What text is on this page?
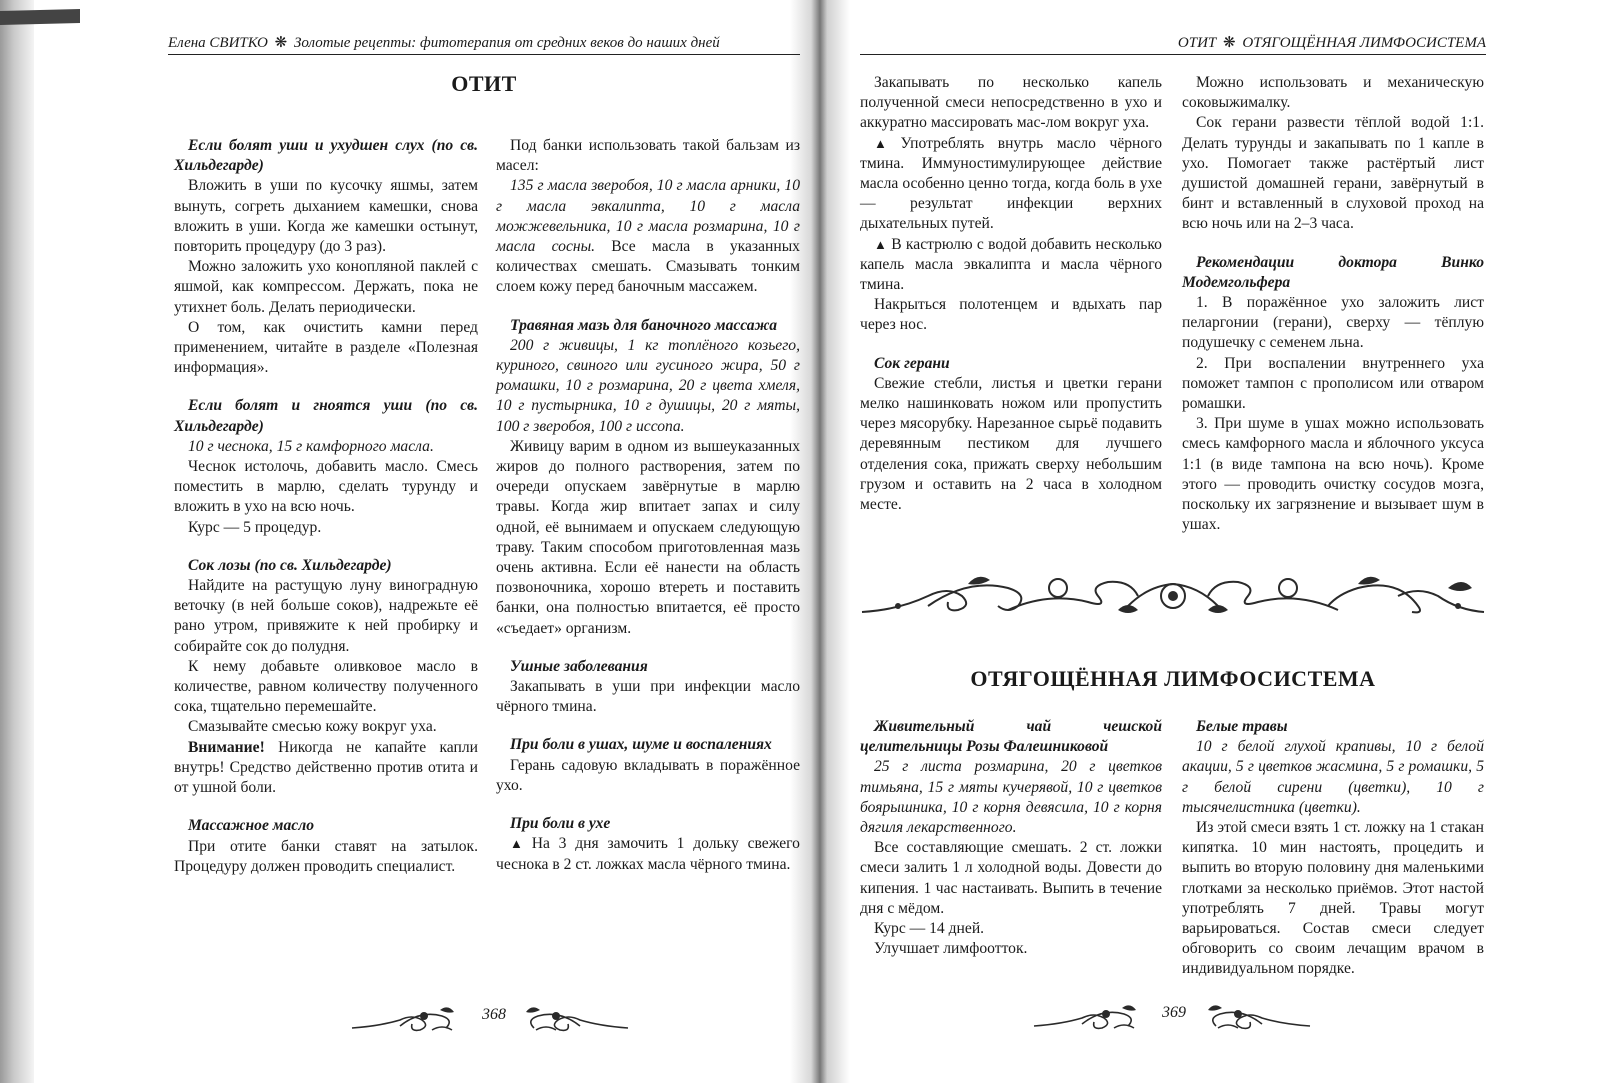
Елена СВИТКО ❋ Золотые рецепты: фитотерапия от средних веков до наших дней
ОТИТ

Если болят уши и ухудшен слух (по св. Хильдегарде)

Вложить в уши по кусочку яшмы, затем вынуть, согреть дыханием камешки, снова вложить в уши. Когда же камешки остынут, повторить процедуру (до 3 раз).

Можно заложить ухо конопляной паклей с яшмой, как компрессом. Держать, пока не утихнет боль. Делать периодически.

О том, как очистить камни перед применением, читайте в разделе «Полезная информация».

Если болят и гноятся уши (по св. Хильдегарде)

10 г чеснока, 15 г камфорного масла.

Чеснок истолочь, добавить масло. Смесь поместить в марлю, сделать турунду и вложить в ухо на всю ночь.

Курс — 5 процедур.

Сок лозы (по св. Хильдегарде)

Найдите на растущую луну виноградную веточку (в ней больше соков), надрежьте её рано утром, привяжите к ней пробирку и собирайте сок до полудня.

К нему добавьте оливковое масло в количестве, равном количеству полученного сока, тщательно перемешайте.

Смазывайте смесью кожу вокруг уха.

Внимание! Никогда не капайте капли внутрь! Средство действенно против отита и от ушной боли.

Массажное масло

При отите банки ставят на затылок. Процедуру должен проводить специалист.

Под банки использовать такой бальзам из масел:

135 г масла зверобоя, 10 г масла арники, 10 г масла эвкалипта, 10 г масла можжевельника, 10 г масла розмарина, 10 г масла сосны. Все масла в указанных количествах смешать. Смазывать тонким слоем кожу перед баночным массажем.

Травяная мазь для баночного массажа

200 г живицы, 1 кг топлёного козьего, куриного, свиного или гусиного жира, 50 г ромашки, 10 г розмарина, 20 г цвета хмеля, 10 г пустырника, 10 г душицы, 20 г мяты, 100 г зверобоя, 100 г иссопа.

Живицу варим в одном из вышеуказанных жиров до полного растворения, затем по очереди опускаем завёрнутые в марлю травы. Когда жир впитает запах и силу одной, её вынимаем и опускаем следующую траву. Таким способом приготовленная мазь очень активна. Если её нанести на область позвоночника, хорошо втереть и поставить банки, она полностью впитается, её просто «съедает» организм.

Ушные заболевания

Закапывать в уши при инфекции масло чёрного тмина.

При боли в ушах, шуме и воспалениях

Герань садовую вкладывать в поражённое ухо.

При боли в ухе

▲ На 3 дня замочить 1 дольку свежего чеснока в 2 ст. ложках масла чёрного тмина.

368
ОТИТ ❋ ОТЯГОЩЁННАЯ ЛИМФОСИСТЕМА

Закапывать по несколько капель полученной смеси непосредственно в ухо и аккуратно массировать мас-лом вокруг уха.

▲ Употреблять внутрь масло чёрного тмина. Иммуностимулирующее действие масла особенно ценно тогда, когда боль в ухе — результат инфекции верхних дыхательных путей.

▲ В кастрюлю с водой добавить несколько капель масла эвкалипта и масла чёрного тмина.

Накрыться полотенцем и вдыхать пар через нос.

Сок герани

Свежие стебли, листья и цветки герани мелко нашинковать ножом или пропустить через мясорубку. Нарезанное сырьё подавить деревянным пестиком для лучшего отделения сока, прижать сверху небольшим грузом и оставить на 2 часа в холодном месте.

Можно использовать и механическую соковыжималку.

Сок герани развести тёплой водой 1:1. Делать турунды и закапывать по 1 капле в ухо. Помогает также растёртый лист душистой домашней герани, завёрнутый в бинт и вставленный в слуховой проход на всю ночь или на 2–3 часа.

Рекомендации доктора Винко Модемгольфера

1. В поражённое ухо заложить лист пеларгонии (герани), сверху — тёплую подушечку с семенем льна.

2. При воспалении внутреннего уха поможет тампон с прополисом или отваром ромашки.

3. При шуме в ушах можно использовать смесь камфорного масла и яблочного уксуса 1:1 (в виде тампона на всю ночь). Кроме этого — проводить очистку сосудов мозга, поскольку их загрязнение и вызывает шум в ушах.

ОТЯГОЩЁННАЯ ЛИМФОСИСТЕМА

Живительный чай чешской целительницы Розы Фалешниковой

25 г листа розмарина, 20 г цветков тимьяна, 15 г мяты кучерявой, 10 г цветков боярышника, 10 г корня девясила, 10 г корня дягиля лекарственного.

Все составляющие смешать. 2 ст. ложки смеси залить 1 л холодной воды. Довести до кипения. 1 час настаивать. Выпить в течение дня с мёдом.

Курс — 14 дней.

Улучшает лимфоотток.

Белые травы

10 г белой глухой крапивы, 10 г белой акации, 5 г цветков жасмина, 5 г ромашки, 5 г белой сирени (цветки), 10 г тысячелистника (цветки).

Из этой смеси взять 1 ст. ложку на 1 стакан кипятка. 10 мин настоять, процедить и выпить во вторую половину дня маленькими глотками за несколько приёмов. Этот настой употреблять 7 дней. Травы могут варьироваться. Состав смеси следует обговорить со своим лечащим врачом в индивидуальном порядке.

369
